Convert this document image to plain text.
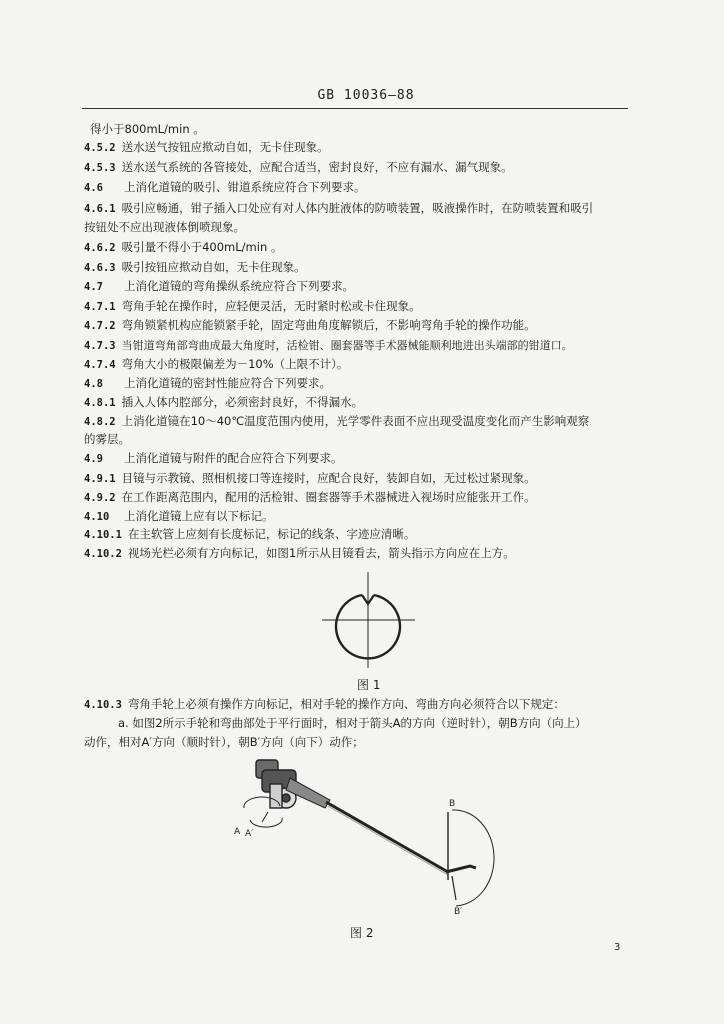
GB 10036—88
得小于800mL/min 。
4.5.2 送水送气按钮应揿动自如，无卡住现象。
4.5.3 送水送气系统的各管接处，应配合适当，密封良好，不应有漏水、漏气现象。
4.6 上消化道镜的吸引、钳道系统应符合下列要求。
4.6.1 吸引应畅通，钳子插入口处应有对人体内脏液体的防喷装置，吸液操作时，在防喷装置和吸引
按钮处不应出现液体倒喷现象。
4.6.2 吸引量不得小于400mL/min 。
4.6.3 吸引按钮应揿动自如，无卡住现象。
4.7 上消化道镜的弯角操纵系统应符合下列要求。
4.7.1 弯角手轮在操作时，应轻便灵活，无时紧时松或卡住现象。
4.7.2 弯角锁紧机构应能锁紧手轮，固定弯曲角度解锁后，不影响弯角手轮的操作功能。
4.7.3 当钳道弯角部弯曲成最大角度时，活检钳、圈套器等手术器械能顺利地进出头端部的钳道口。
4.7.4 弯角大小的极限偏差为－10%（上限不计）。
4.8 上消化道镜的密封性能应符合下列要求。
4.8.1 插入人体内腔部分，必须密封良好，不得漏水。
4.8.2 上消化道镜在10～40℃温度范围内使用，光学零件表面不应出现受温度变化而产生影响观察
的雾层。
4.9 上消化道镜与附件的配合应符合下列要求。
4.9.1 目镜与示教镜、照相机接口等连接时，应配合良好，装卸自如，无过松过紧现象。
4.9.2 在工作距离范围内，配用的活检钳、圈套器等手术器械进入视场时应能张开工作。
4.10 上消化道镜上应有以下标记。
4.10.1 在主软管上应刻有长度标记，标记的线条、字迹应清晰。
4.10.2 视场光栏必须有方向标记，如图1所示从目镜看去，箭头指示方向应在上方。
图 1
4.10.3 弯角手轮上必须有操作方向标记，相对手轮的操作方向、弯曲方向必须符合以下规定：
a. 如图2所示手轮和弯曲部处于平行面时，相对于箭头A的方向（逆时针），朝B方向（向上）
动作，相对A′方向（顺时针），朝B′方向（向下）动作；
A A′
B
B′
图 2
3
